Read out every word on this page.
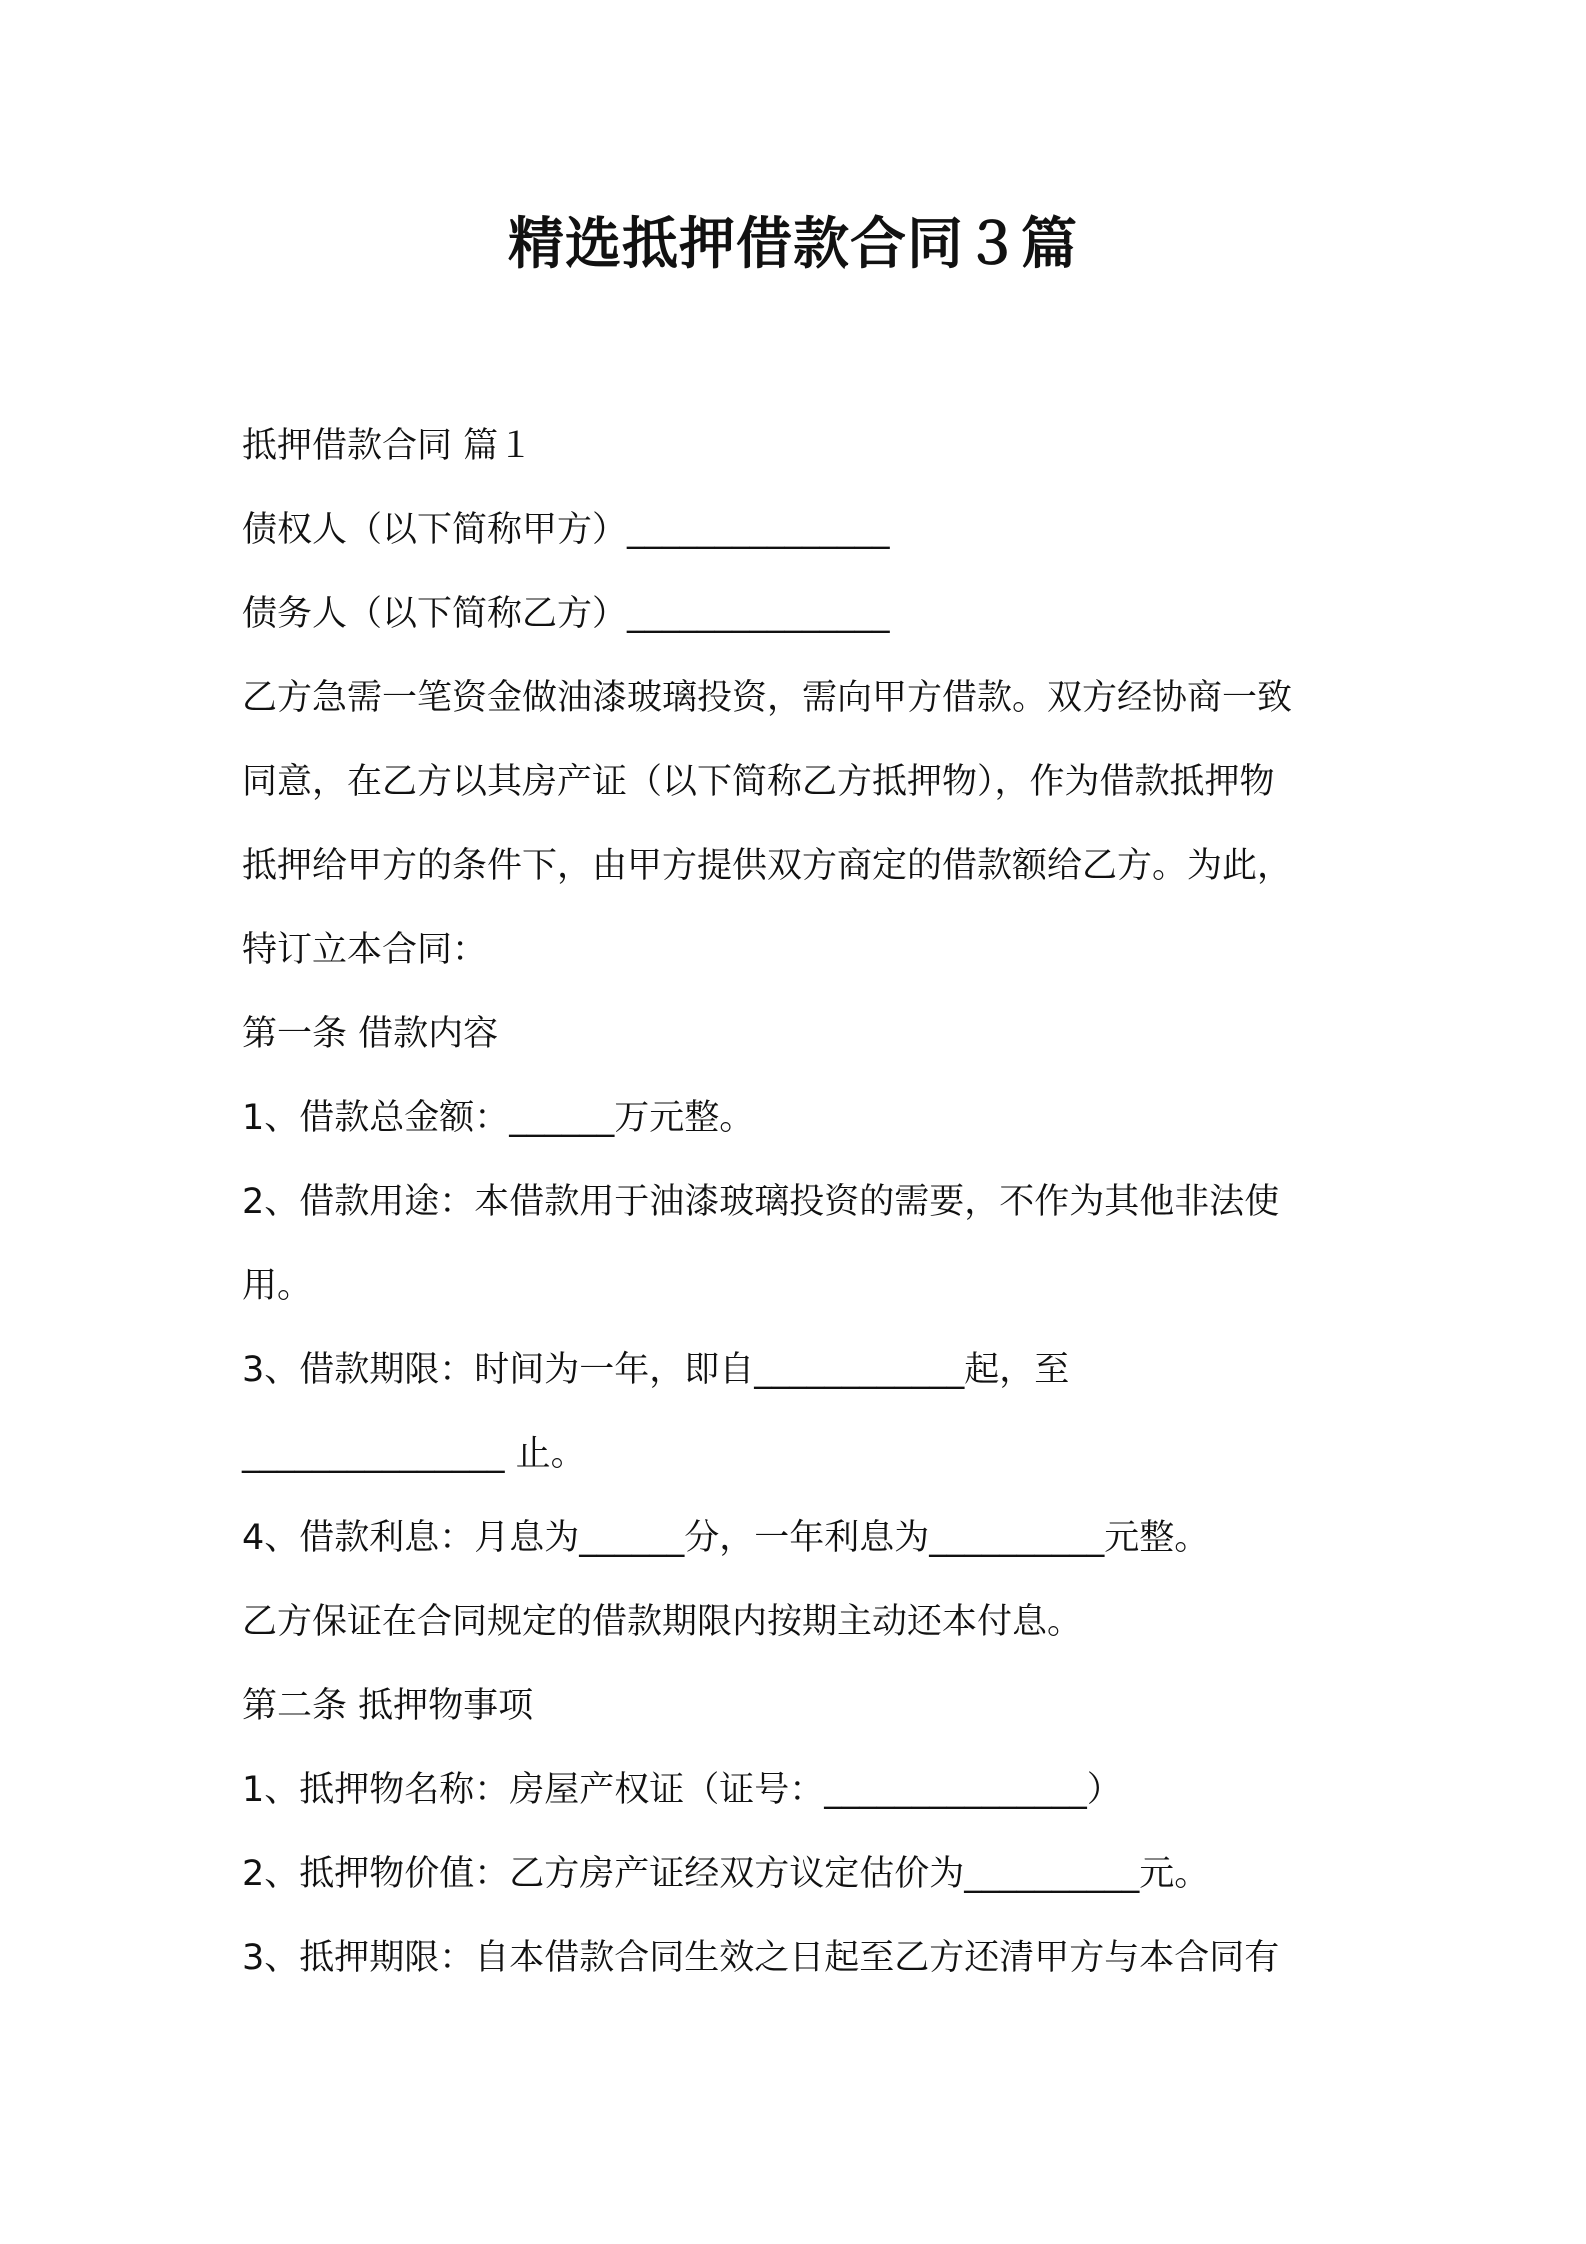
精选抵押借款合同３篇
抵押借款合同 篇１
债权人（以下简称甲方）_______________
债务人（以下简称乙方）_______________
乙方急需一笔资金做油漆玻璃投资，需向甲方借款。双方经协商一致
同意，在乙方以其房产证（以下简称乙方抵押物），作为借款抵押物
抵押给甲方的条件下，由甲方提供双方商定的借款额给乙方。为此，
特订立本合同：
第一条 借款内容
1、借款总金额：______万元整。
2、借款用途：本借款用于油漆玻璃投资的需要，不作为其他非法使
用。
3、借款期限：时间为一年，即自____________起，至
_______________ 止。
4、借款利息：月息为______分，一年利息为__________元整。
乙方保证在合同规定的借款期限内按期主动还本付息。
第二条 抵押物事项
1、抵押物名称：房屋产权证（证号：_______________）
2、抵押物价值：乙方房产证经双方议定估价为__________元。
3、抵押期限：自本借款合同生效之日起至乙方还清甲方与本合同有
